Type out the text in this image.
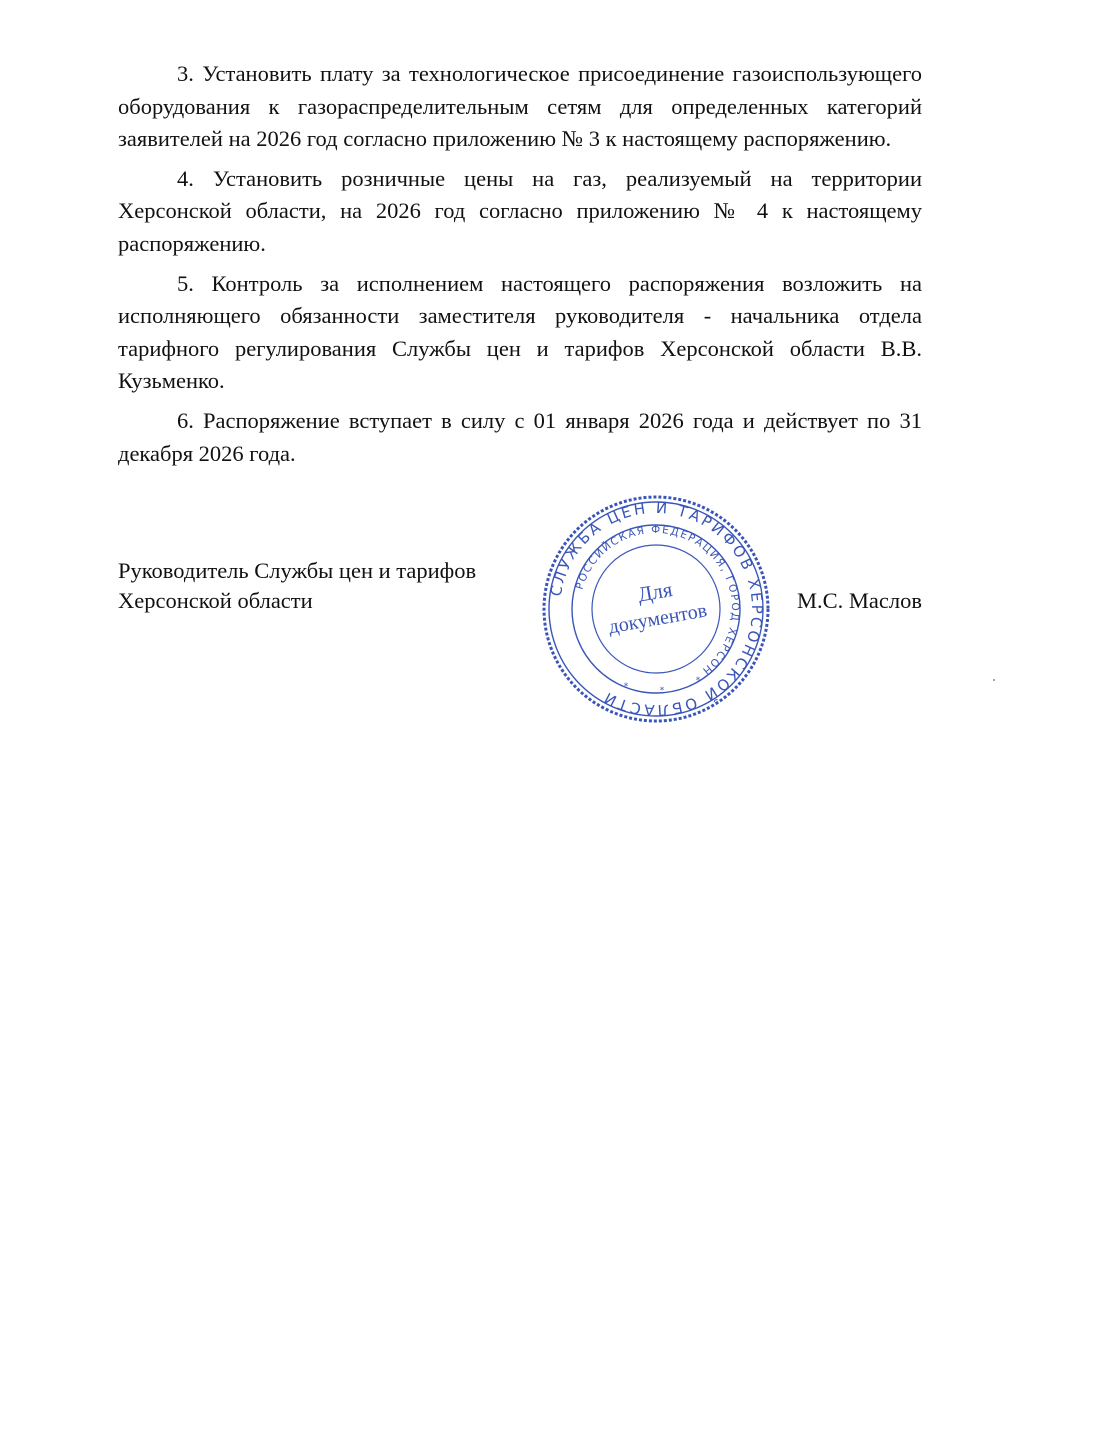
3. Установить плату за технологическое присоединение газоиспользующего оборудования к газораспределительным сетям для определенных категорий заявителей на 2026 год согласно приложению № 3 к настоящему распоряжению.

4. Установить розничные цены на газ, реализуемый на территории Херсонской области, на 2026 год согласно приложению № 4 к настоящему распоряжению.

5. Контроль за исполнением настоящего распоряжения возложить на исполняющего обязанности заместителя руководителя - начальника отдела тарифного регулирования Службы цен и тарифов Херсонской области В.В. Кузьменко.

6. Распоряжение вступает в силу с 01 января 2026 года и действует по 31 декабря 2026 года.

Руководитель Службы цен и тарифов
Херсонской области	М.С. Маслов
СЛУЖБА ЦЕН И ТАРИФОВ ХЕРСОНСКОЙ ОБЛАСТИ
РОССИЙСКАЯ ФЕДЕРАЦИЯ, ГОРОД ХЕРСОН
Для
документов
*	*
*
